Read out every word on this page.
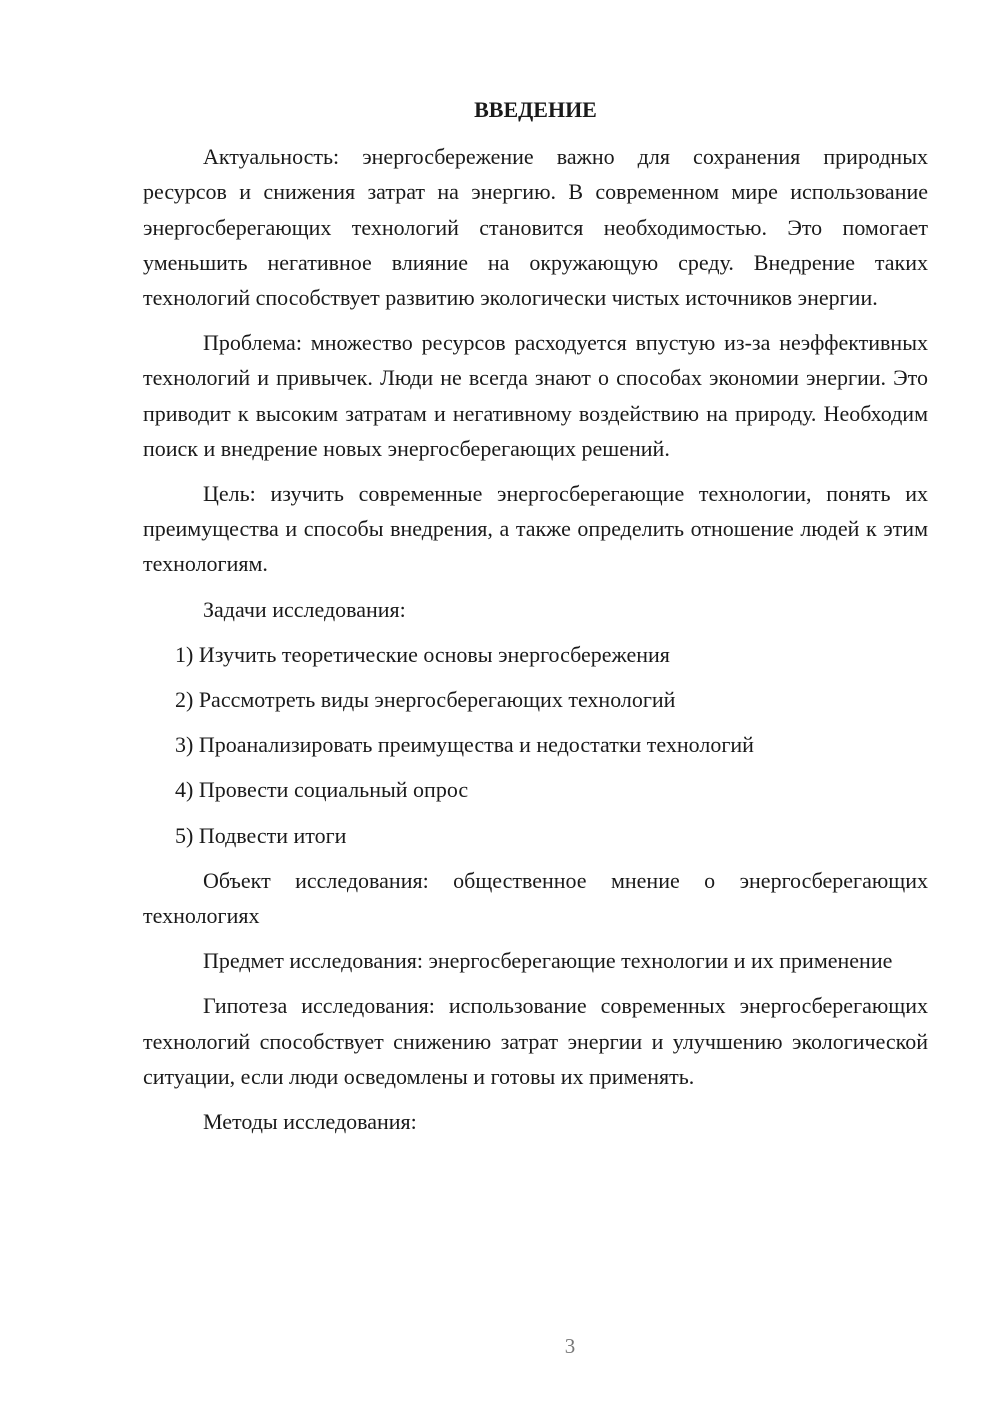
ВВЕДЕНИЕ

Актуальность: энергосбережение важно для сохранения природных ресурсов и снижения затрат на энергию. В современном мире использование энергосберегающих технологий становится необходимостью. Это помогает уменьшить негативное влияние на окружающую среду. Внедрение таких технологий способствует развитию экологически чистых источников энергии.

Проблема: множество ресурсов расходуется впустую из-за неэффективных технологий и привычек. Люди не всегда знают о способах экономии энергии. Это приводит к высоким затратам и негативному воздействию на природу. Необходим поиск и внедрение новых энергосберегающих решений.

Цель: изучить современные энергосберегающие технологии, понять их преимущества и способы внедрения, а также определить отношение людей к этим технологиям.

Задачи исследования:

1) Изучить теоретические основы энергосбережения

2) Рассмотреть виды энергосберегающих технологий

3) Проанализировать преимущества и недостатки технологий

4) Провести социальный опрос

5) Подвести итоги

Объект исследования: общественное мнение о энергосберегающих технологиях

Предмет исследования: энергосберегающие технологии и их применение

Гипотеза исследования: использование современных энергосберегающих технологий способствует снижению затрат энергии и улучшению экологической ситуации, если люди осведомлены и готовы их применять.

Методы исследования:

3
